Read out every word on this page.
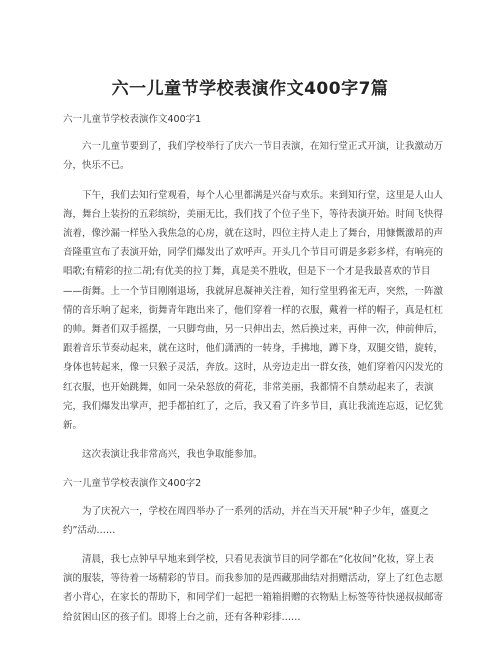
六一儿童节学校表演作文400字7篇

六一儿童节学校表演作文400字1

六一儿童节要到了，我们学校举行了庆六一节目表演，在知行堂正式开演，让我激动万分，快乐不已。

下午，我们去知行堂观看，每个人心里都满是兴奋与欢乐。来到知行堂，这里是人山人海，舞台上装扮的五彩缤纷，美丽无比，我们找了个位子坐下，等待表演开始。时间飞快得流着，像沙漏一样坠入我焦急的心房，就在这时，四位主持人走上了舞台，用慷慨激昂的声音隆重宣布了表演开始，同学们爆发出了欢呼声。开头几个节目可谓是多彩多样，有响亮的唱歌;有精彩的拉二胡;有优美的拉丁舞，真是美不胜收，但是下一个才是我最喜欢的节目——街舞。上一个节目刚刚退场，我就屏息凝神关注着，知行堂里鸦雀无声，突然，一阵激情的音乐响了起来，街舞青年跑出来了，他们穿着一样的衣服，戴着一样的帽子，真是杠杠的帅。舞者们双手摇摆，一只脚弯曲，另一只伸出去，然后换过来，再伸一次，伸前伸后，跟着音乐节奏动起来，就在这时，他们潇洒的一转身，手拂地，蹲下身，双腿交错，旋转，身体也转起来，像一只猴子灵活，奔放。这时，从旁边走出一群女孩，她们穿着闪闪发光的红衣服，也开始跳舞，如同一朵朵怒放的荷花，非常美丽，我都情不自禁动起来了，表演完，我们爆发出掌声，把手都拍红了，之后，我又看了许多节目，真让我流连忘返，记忆犹新。

这次表演让我非常高兴，我也争取能参加。

六一儿童节学校表演作文400字2

为了庆祝六一，学校在周四举办了一系列的活动，并在当天开展“种子少年，盛夏之约”活动……

清晨，我七点钟早早地来到学校，只看见表演节目的同学都在“化妆间”化妆，穿上表演的服装，等待着一场精彩的节目。而我参加的是西藏那曲结对捐赠活动，穿上了红色志愿者小背心，在家长的帮助下，和同学们一起把一箱箱捐赠的衣物贴上标签等待快递叔叔邮寄给贫困山区的孩子们。即将上台之前，还有各种彩排……
